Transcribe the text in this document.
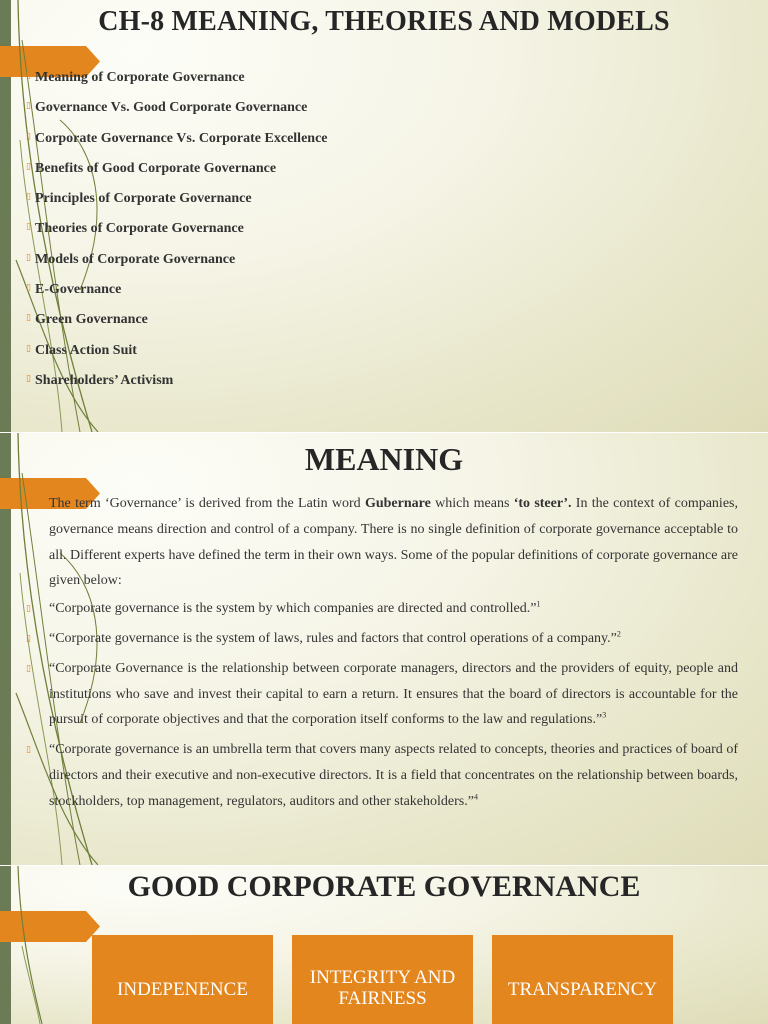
CH-8 MEANING, THEORIES AND MODELS
▯ Meaning of Corporate Governance
▯ Governance Vs. Good Corporate Governance
▯ Corporate Governance Vs. Corporate Excellence
▯ Benefits of Good Corporate Governance
▯ Principles of Corporate Governance
▯ Theories of Corporate Governance
▯ Models of Corporate Governance
▯ E-Governance
▯ Green Governance
▯ Class Action Suit
▯ Shareholders’ Activism
MEANING

The term ‘Governance’ is derived from the Latin word Gubernare which means ‘to steer’. In the context of companies, governance means direction and control of a company. There is no single definition of corporate governance acceptable to all. Different experts have defined the term in their own ways. Some of the popular definitions of corporate governance are given below:

▯ “Corporate governance is the system by which companies are directed and controlled.”$^1$
▯ “Corporate governance is the system of laws, rules and factors that control operations of a company.”$^2$
▯ “Corporate Governance is the relationship between corporate managers, directors and the providers of equity, people and institutions who save and invest their capital to earn a return. It ensures that the board of directors is accountable for the pursuit of corporate objectives and that the corporation itself conforms to the law and regulations.”$^3$
▯ “Corporate governance is an umbrella term that covers many aspects related to concepts, theories and practices of board of directors and their executive and non-executive directors. It is a field that concentrates on the relationship between boards, stockholders, top management, regulators, auditors and other stakeholders.”$^4$
GOOD CORPORATE GOVERNANCE
INDEPENENCE
INTEGRITY AND FAIRNESS	TRANSPARENCY
